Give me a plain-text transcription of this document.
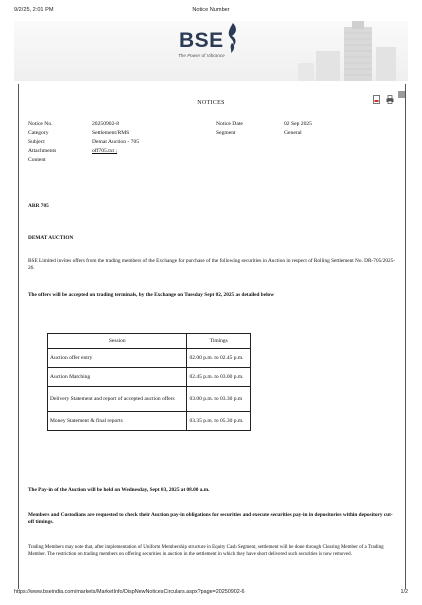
9/2/25, 2:01 PM	Notice Number
BSE
The Power of Vibrance
NOTICES
Notice No.	20250902-8	Notice Date	02 Sep 2025
Category	Settlement/RMS	Segment	General
Subject	Demat Auction - 705
Attachments	off705.txt ;
Content
ARR 705
DEMAT AUCTION
BSE Limited invites offers from the trading members of the Exchange for purchase of the following securities in Auction in respect of Rolling Settlement No. DR-705/2025-26.
The offers will be accepted on trading terminals, by the Exchange on Tuesday Sept 02, 2025 as detailed below
Session	Timings
Auction offer entry	02.00 p.m. to 02.45 p.m.
Auction Matching	02.45 p.m. to 03.00 p.m.
Delivery Statement and report of accepted auction offers	03.00 p.m. to 03.30 p.m
Money Statement & final reports	03.35 p.m. to 05.30 p.m.
The Pay-in of the Auction will be held on Wednesday, Sept 03, 2025 at 08.00 a.m.
Members and Custodians are requested to check their Auction pay-in obligations for securities and execute securities pay-in in depositories within depository cut-off timings.
Trading Members may note that, after implementation of Uniform Membership structure in Equity Cash Segment, settlement will be done through Clearing Member of a Trading Member. The restriction on trading members on offering securities in auction in the settlement in which they have short delivered such securities is now removed.
https://www.bseindia.com/markets/MarketInfo/DispNewNoticesCirculars.aspx?page=20250902-6	1/2
